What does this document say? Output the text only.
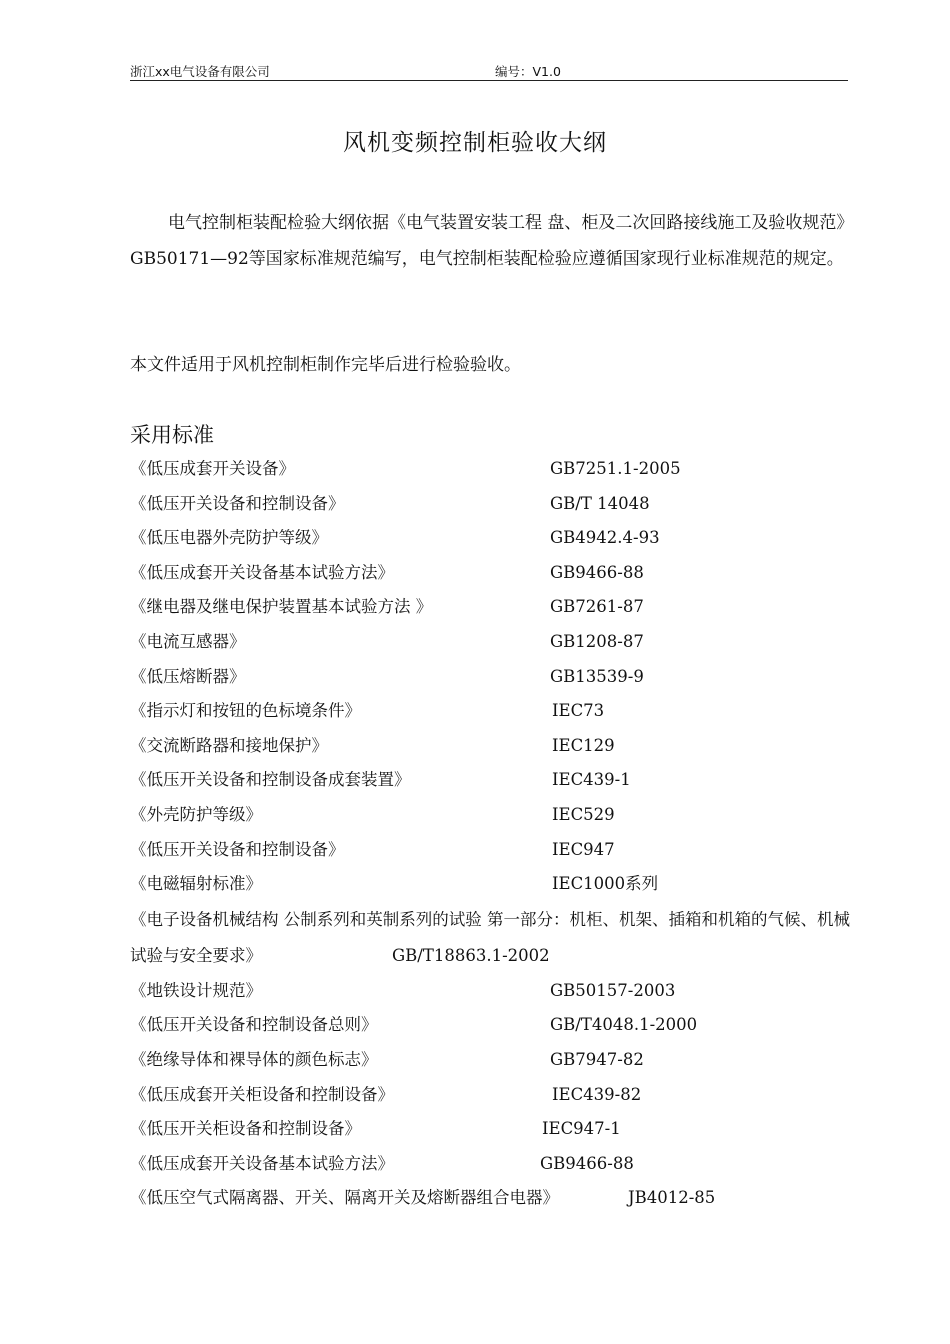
浙江xx电气设备有限公司	编号：V1.0
风机变频控制柜验收大纲
电气控制柜装配检验大纲依据《电气装置安装工程 盘、柜及二次回路接线施工及验收规范》GB50171—92等国家标准规范编写，电气控制柜装配检验应遵循国家现行业标准规范的规定。
本文件适用于风机控制柜制作完毕后进行检验验收。
采用标准
《低压成套开关设备》	GB7251.1-2005
《低压开关设备和控制设备》	GB/T 14048
《低压电器外壳防护等级》	GB4942.4-93
《低压成套开关设备基本试验方法》	GB9466-88
《继电器及继电保护装置基本试验方法 》	GB7261-87
《电流互感器》	GB1208-87
《低压熔断器》	GB13539-9
《指示灯和按钮的色标境条件》	IEC73
《交流断路器和接地保护》	IEC129
《低压开关设备和控制设备成套装置》	IEC439-1
《外壳防护等级》	IEC529
《低压开关设备和控制设备》	IEC947
《电磁辐射标准》	IEC1000系列
《电子设备机械结构 公制系列和英制系列的试验 第一部分：机柜、机架、插箱和机箱的气候、机械试验与安全要求》	GB/T18863.1-2002
《地铁设计规范》	GB50157-2003
《低压开关设备和控制设备总则》	GB/T4048.1-2000
《绝缘导体和裸导体的颜色标志》	GB7947-82
《低压成套开关柜设备和控制设备》	IEC439-82
《低压开关柜设备和控制设备》	IEC947-1
《低压成套开关设备基本试验方法》	GB9466-88
《低压空气式隔离器、开关、隔离开关及熔断器组合电器》	JB4012-85
